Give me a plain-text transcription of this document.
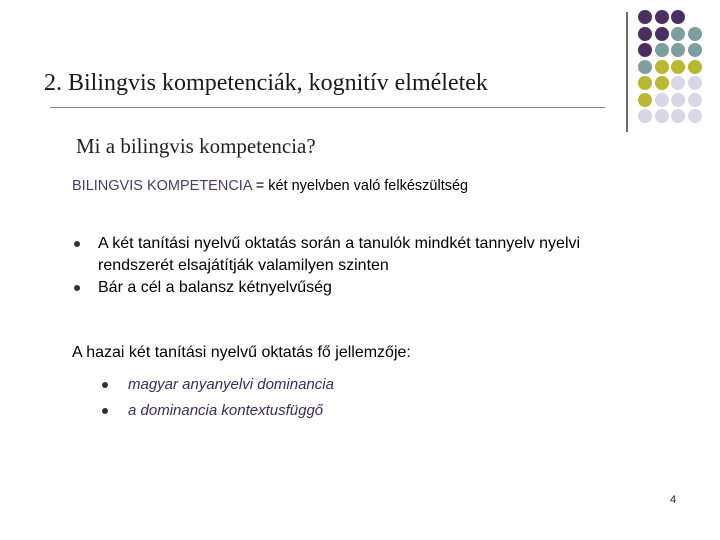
2. Bilingvis kompetenciák, kognitív elméletek
Mi a bilingvis kompetencia?
BILINGVIS KOMPETENCIA = két nyelvben való felkészültség
A két tanítási nyelvű oktatás során a tanulók mindkét tannyelv nyelvi rendszerét elsajátítják valamilyen szinten
Bár a cél a balansz kétnyelvűség
A hazai két tanítási nyelvű oktatás fő jellemzője:
magyar anyanyelvi dominancia
a dominancia kontextusfüggő
4
